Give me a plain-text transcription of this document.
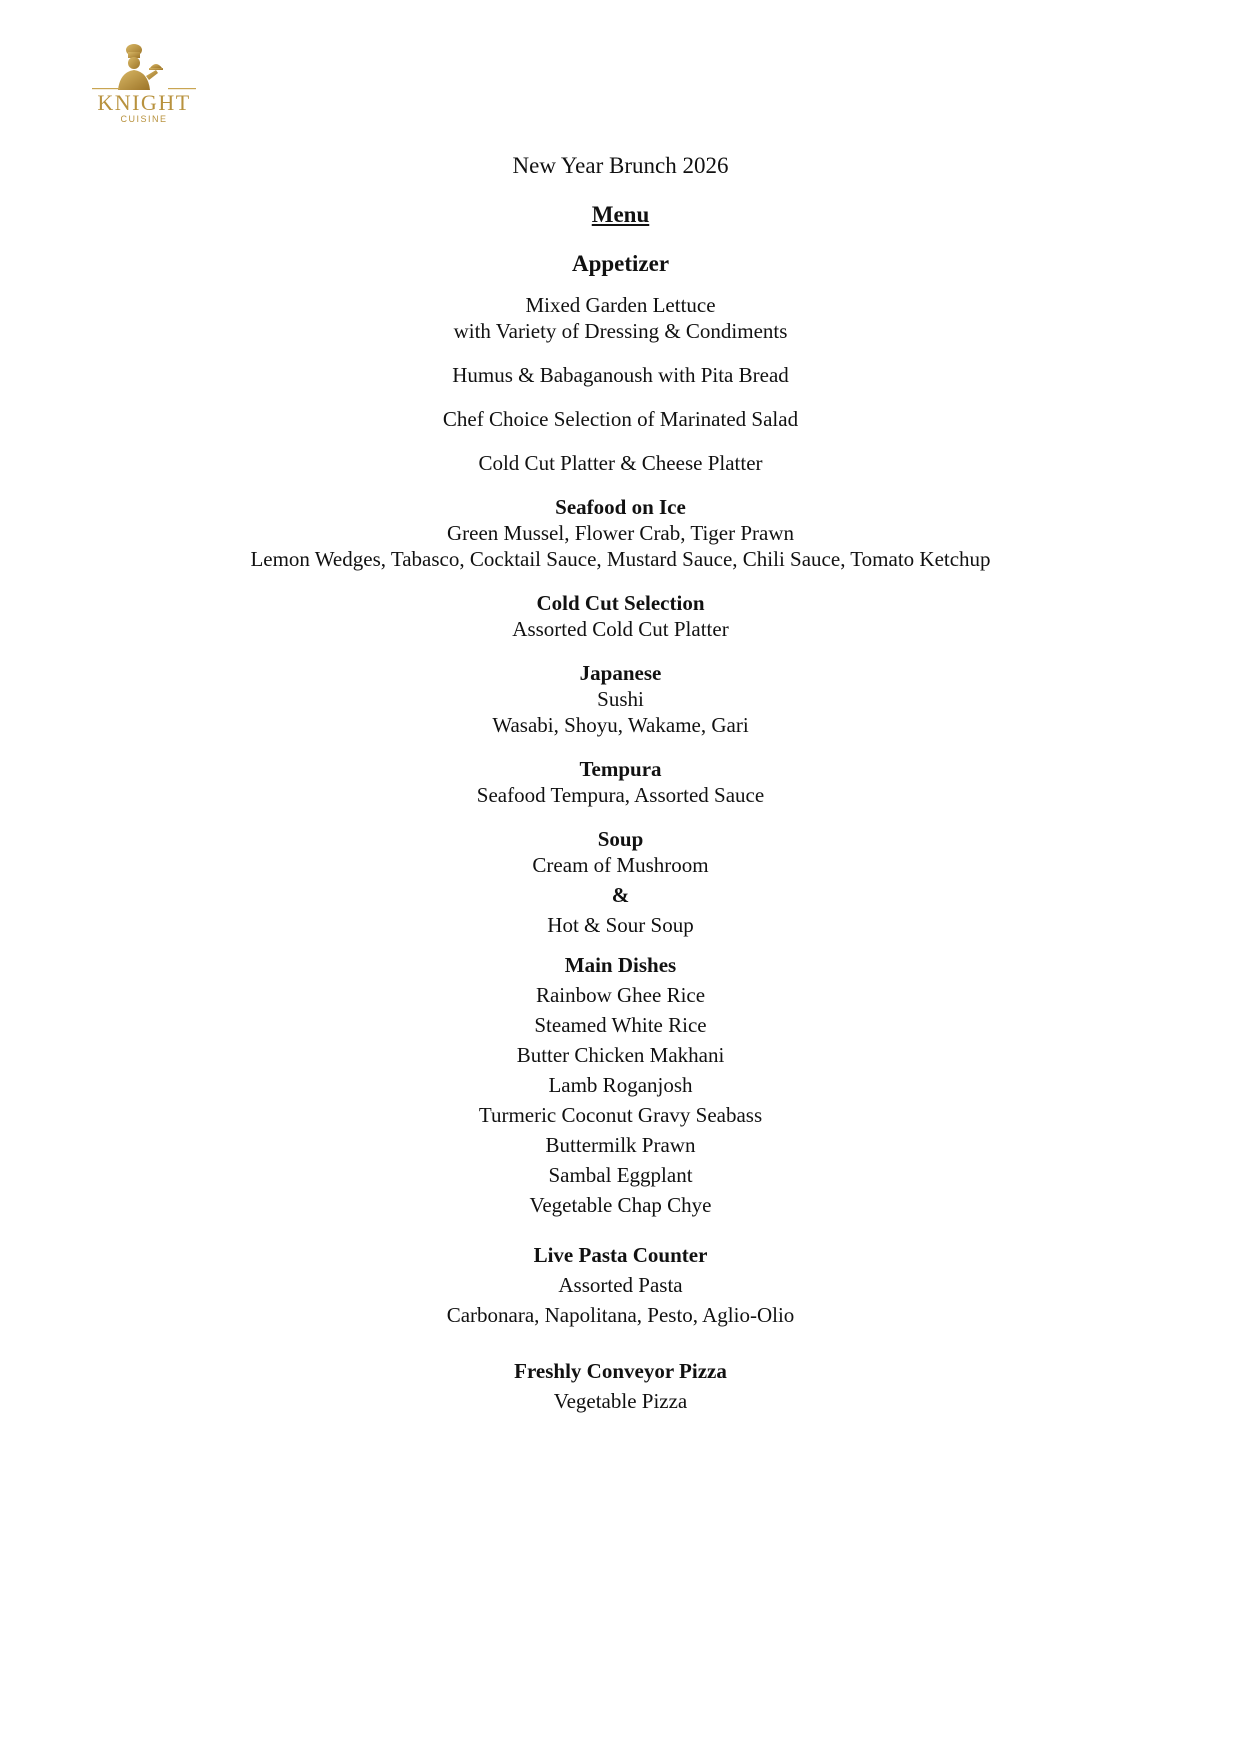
KNIGHT
CUISINE
New Year Brunch 2026
Menu
Appetizer
Mixed Garden Lettuce
with Variety of Dressing & Condiments
Humus & Babaganoush with Pita Bread
Chef Choice Selection of Marinated Salad
Cold Cut Platter & Cheese Platter
Seafood on Ice
Green Mussel, Flower Crab, Tiger Prawn
Lemon Wedges, Tabasco, Cocktail Sauce, Mustard Sauce, Chili Sauce, Tomato Ketchup
Cold Cut Selection
Assorted Cold Cut Platter
Japanese
Sushi
Wasabi, Shoyu, Wakame, Gari
Tempura
Seafood Tempura, Assorted Sauce
Soup
Cream of Mushroom
&
Hot & Sour Soup
Main Dishes
Rainbow Ghee Rice
Steamed White Rice
Butter Chicken Makhani
Lamb Roganjosh
Turmeric Coconut Gravy Seabass
Buttermilk Prawn
Sambal Eggplant
Vegetable Chap Chye
Live Pasta Counter
Assorted Pasta
Carbonara, Napolitana, Pesto, Aglio-Olio
Freshly Conveyor Pizza
Vegetable Pizza
